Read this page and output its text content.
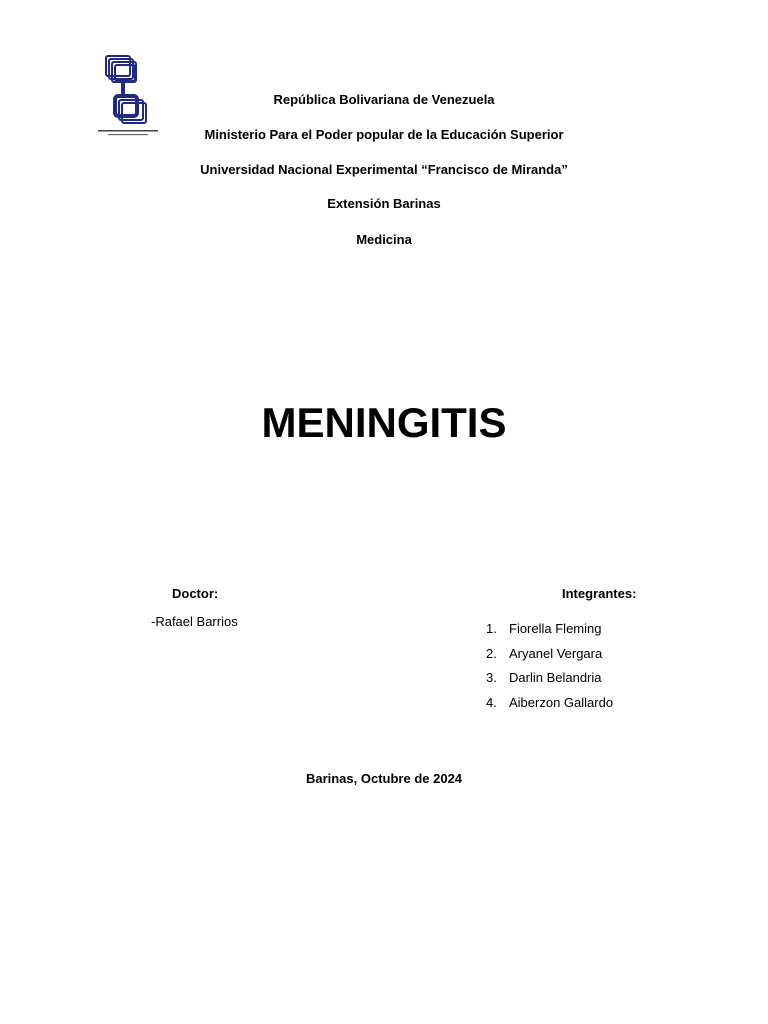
República Bolivariana de Venezuela
Ministerio Para el Poder popular de la Educación Superior
Universidad Nacional Experimental “Francisco de Miranda”
Extensión Barinas
Medicina
MENINGITIS
Doctor:
-Rafael Barrios
Integrantes:
1. Fiorella Fleming
2. Aryanel Vergara
3. Darlin Belandria
4. Aiberzon Gallardo
Barinas, Octubre de 2024
